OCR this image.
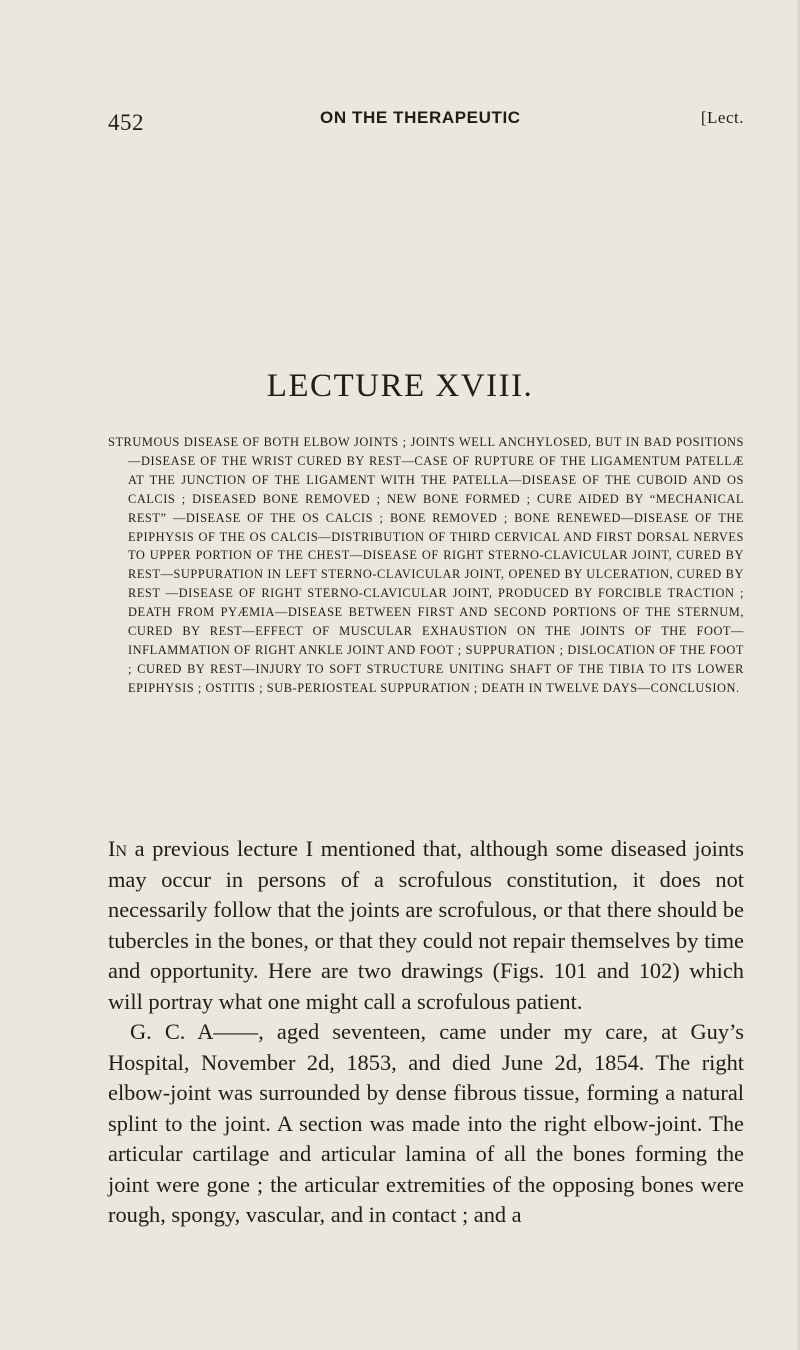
452	ON THE THERAPEUTIC	[Lect.
LECTURE XVIII.

STRUMOUS DISEASE OF BOTH ELBOW JOINTS ; JOINTS WELL ANCHYLOSED, BUT IN BAD POSITIONS—DISEASE OF THE WRIST CURED BY REST—CASE OF RUPTURE OF THE LIGAMENTUM PATELLÆ AT THE JUNCTION OF THE LIGAMENT WITH THE PATELLA—DISEASE OF THE CUBOID AND OS CALCIS ; DISEASED BONE REMOVED ; NEW BONE FORMED ; CURE AIDED BY “MECHANICAL REST” —DISEASE OF THE OS CALCIS ; BONE REMOVED ; BONE RENEWED—DISEASE OF THE EPIPHYSIS OF THE OS CALCIS—DISTRIBUTION OF THIRD CERVICAL AND FIRST DORSAL NERVES TO UPPER PORTION OF THE CHEST—DISEASE OF RIGHT STERNO-CLAVICULAR JOINT, CURED BY REST—SUPPURATION IN LEFT STERNO-CLAVICULAR JOINT, OPENED BY ULCERATION, CURED BY REST —DISEASE OF RIGHT STERNO-CLAVICULAR JOINT, PRODUCED BY FORCIBLE TRACTION ; DEATH FROM PYÆMIA—DISEASE BETWEEN FIRST AND SECOND PORTIONS OF THE STERNUM, CURED BY REST—EFFECT OF MUSCULAR EXHAUSTION ON THE JOINTS OF THE FOOT—INFLAMMATION OF RIGHT ANKLE JOINT AND FOOT ; SUPPURATION ; DISLOCATION OF THE FOOT ; CURED BY REST—INJURY TO SOFT STRUCTURE UNITING SHAFT OF THE TIBIA TO ITS LOWER EPIPHYSIS ; OSTITIS ; SUB-PERIOSTEAL SUPPURATION ; DEATH IN TWELVE DAYS—CONCLUSION.

In a previous lecture I mentioned that, although some diseased joints may occur in persons of a scrofulous constitution, it does not necessarily follow that the joints are scrofulous, or that there should be tubercles in the bones, or that they could not repair themselves by time and opportunity. Here are two drawings (Figs. 101 and 102) which will portray what one might call a scrofulous patient.

G. C. A——, aged seventeen, came under my care, at Guy’s Hospital, November 2d, 1853, and died June 2d, 1854. The right elbow-joint was surrounded by dense fibrous tissue, forming a natural splint to the joint. A section was made into the right elbow-joint. The articular cartilage and articular lamina of all the bones forming the joint were gone ; the articular extremities of the opposing bones were rough, spongy, vascular, and in contact ; and a
